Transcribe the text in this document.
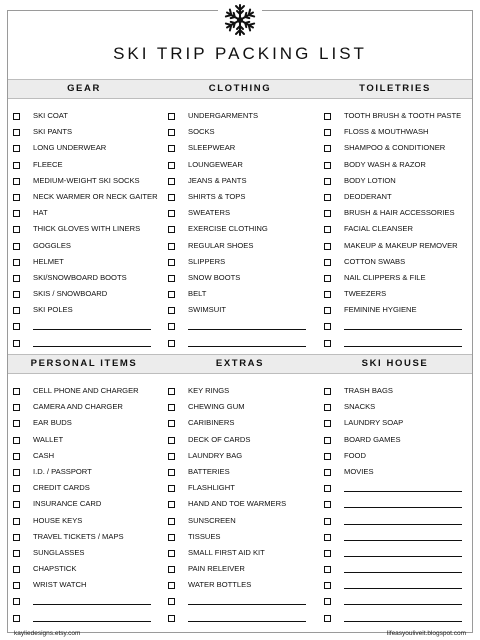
SKI TRIP PACKING LIST
GEAR	CLOTHING	TOILETRIES
PERSONAL ITEMS	EXTRAS	SKI HOUSE
SKI COAT
SKI PANTS
LONG UNDERWEAR
FLEECE
MEDIUM-WEIGHT SKI SOCKS
NECK WARMER OR NECK GAITER
HAT
THICK GLOVES WITH LINERS
GOGGLES
HELMET
SKI/SNOWBOARD BOOTS
SKIS / SNOWBOARD
SKI POLES
UNDERGARMENTS
SOCKS
SLEEPWEAR
LOUNGEWEAR
JEANS & PANTS
SHIRTS & TOPS
SWEATERS
EXERCISE CLOTHING
REGULAR SHOES
SLIPPERS
SNOW BOOTS
BELT
SWIMSUIT
TOOTH BRUSH & TOOTH PASTE
FLOSS & MOUTHWASH
SHAMPOO & CONDITIONER
BODY WASH & RAZOR
BODY LOTION
DEODERANT
BRUSH & HAIR ACCESSORIES
FACIAL CLEANSER
MAKEUP & MAKEUP REMOVER
COTTON SWABS
NAIL CLIPPERS & FILE
TWEEZERS
FEMININE HYGIENE
CELL PHONE AND CHARGER
CAMERA AND CHARGER
EAR BUDS
WALLET
CASH
I.D. / PASSPORT
CREDIT CARDS
INSURANCE CARD
HOUSE KEYS
TRAVEL TICKETS / MAPS
SUNGLASSES
CHAPSTICK
WRIST WATCH
KEY RINGS
CHEWING GUM
CARIBINERS
DECK OF CARDS
LAUNDRY BAG
BATTERIES
FLASHLIGHT
HAND AND TOE WARMERS
SUNSCREEN
TISSUES
SMALL FIRST AID KIT
PAIN RELEIVER
WATER BOTTLES
TRASH BAGS
SNACKS
LAUNDRY SOAP
BOARD GAMES
FOOD
MOVIES
kayliedesigns.etsy.com	lifeasyouliveit.blogspot.com
